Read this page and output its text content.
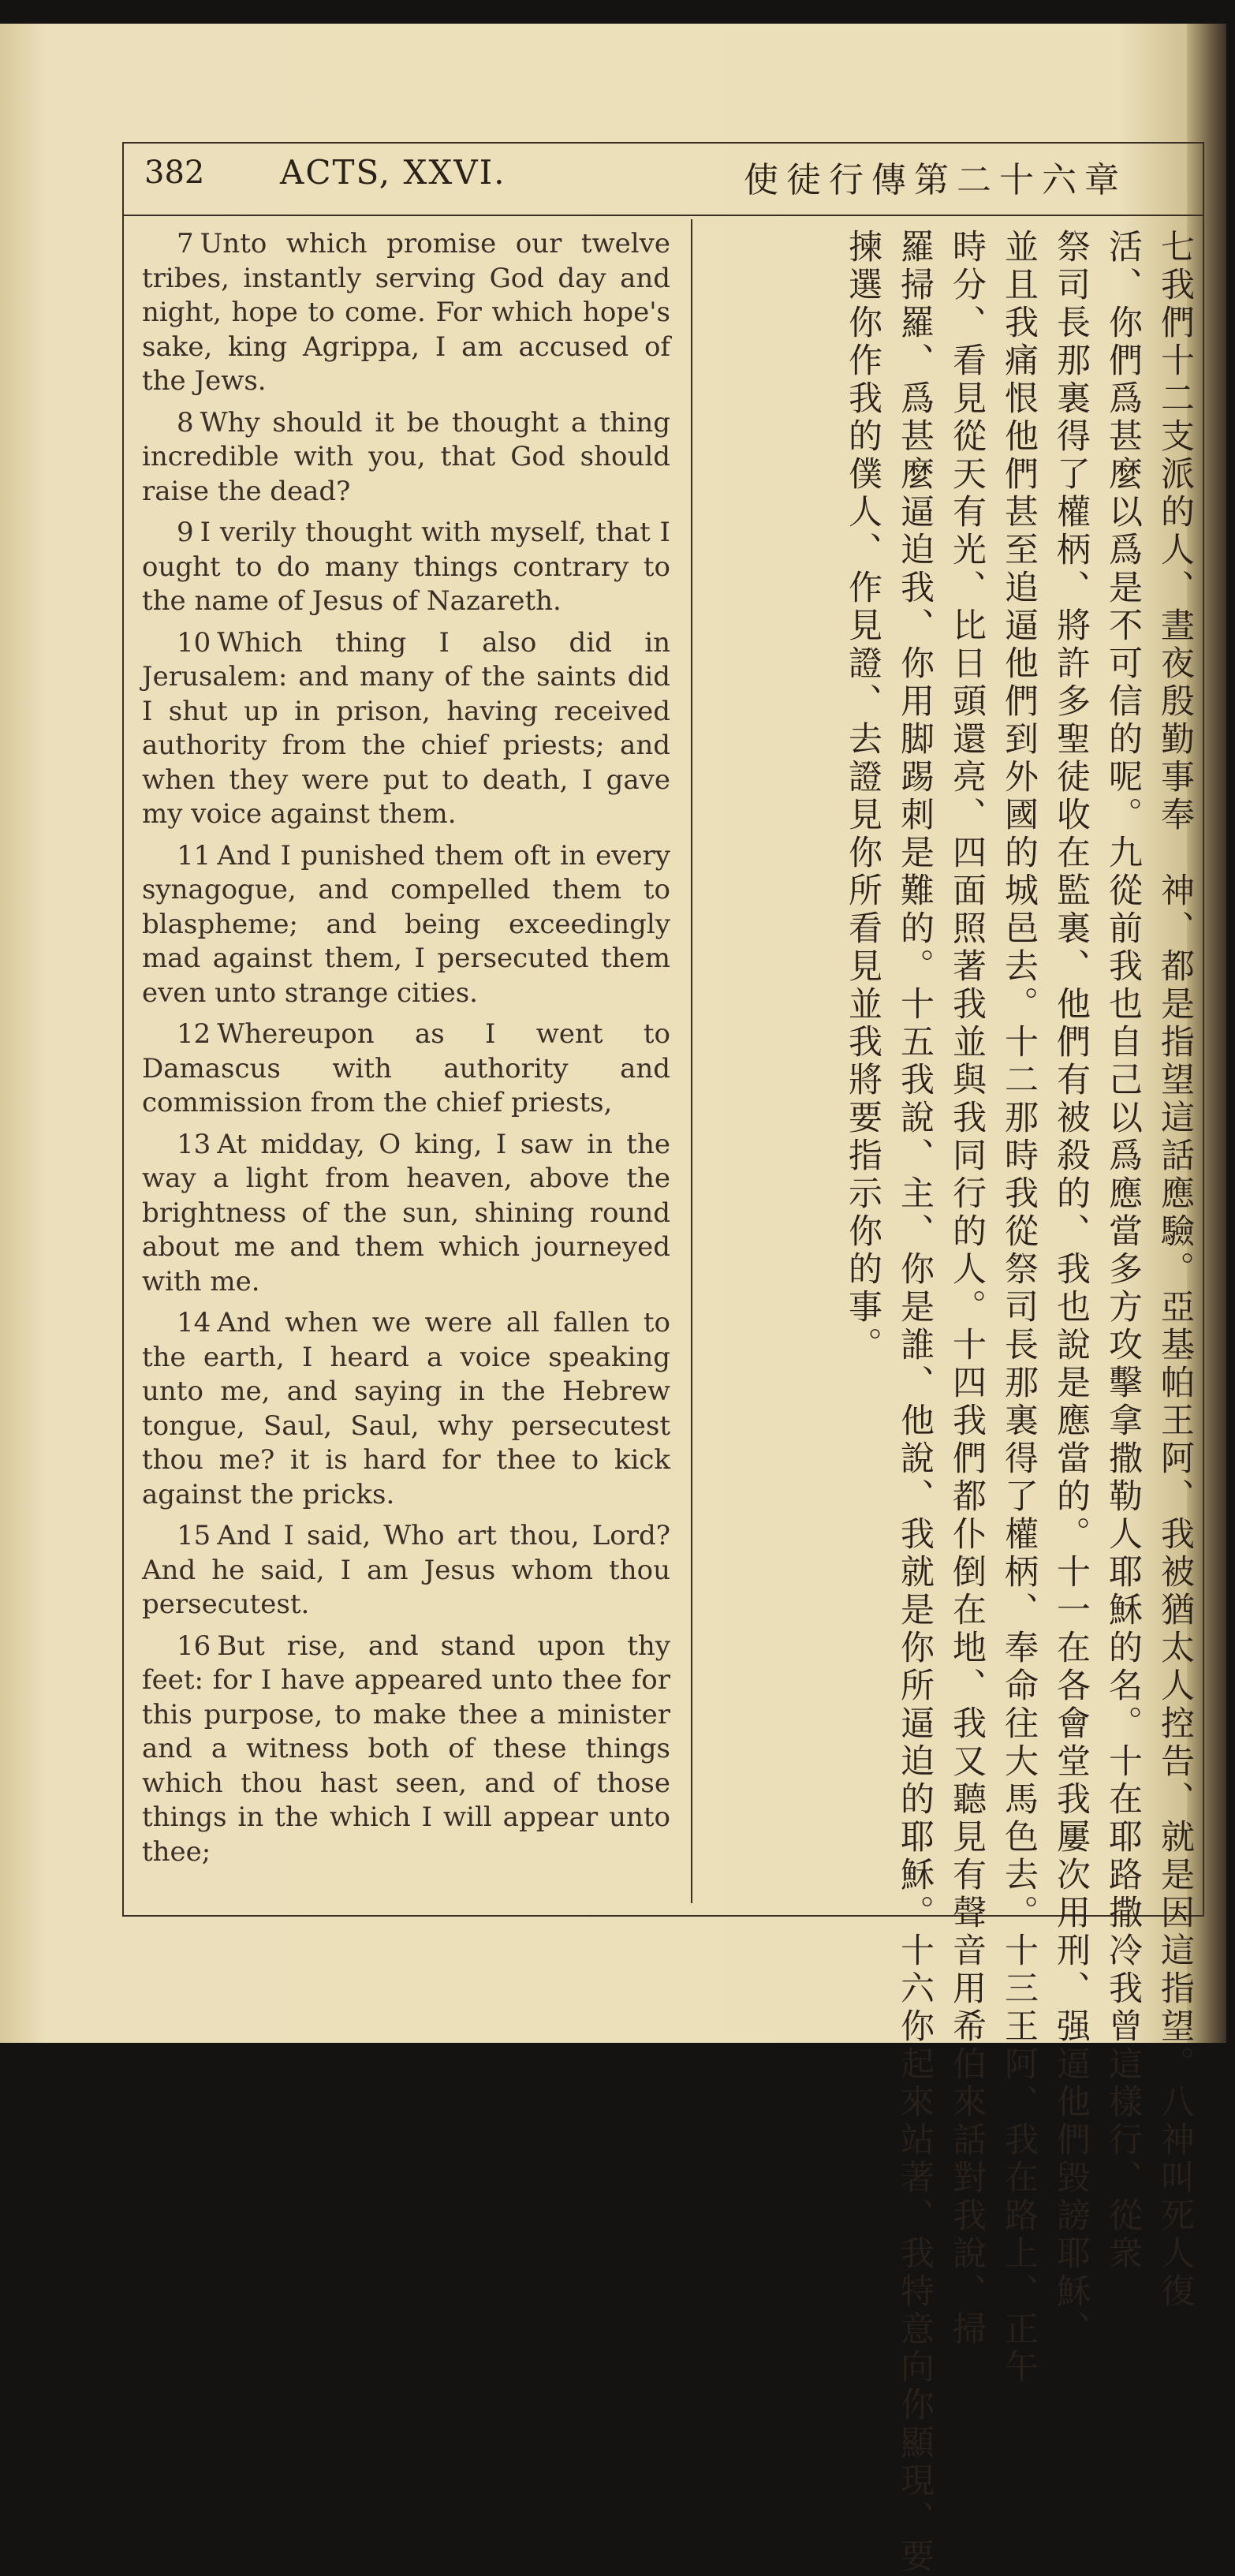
382 ACTS, XXVI.	使徒行傳第二十六章

7 Unto which promise our twelve tribes, instantly serving God day and night, hope to come. For which hope's sake, king Agrippa, I am accused of the Jews.

8 Why should it be thought a thing incredible with you, that God should raise the dead?

9 I verily thought with myself, that I ought to do many things contrary to the name of Jesus of Nazareth.

10 Which thing I also did in Jerusalem: and many of the saints did I shut up in prison, having received authority from the chief priests; and when they were put to death, I gave my voice against them.

11 And I punished them oft in every synagogue, and compelled them to blaspheme; and being exceedingly mad against them, I persecuted them even unto strange cities.

12 Whereupon as I went to Damascus with authority and commission from the chief priests,

13 At midday, O king, I saw in the way a light from heaven, above the brightness of the sun, shining round about me and them which journeyed with me.

14 And when we were all fallen to the earth, I heard a voice speaking unto me, and saying in the Hebrew tongue, Saul, Saul, why persecutest thou me? it is hard for thee to kick against the pricks.

15 And I said, Who art thou, Lord? And he said, I am Jesus whom thou persecutest.

16 But rise, and stand upon thy feet: for I have appeared unto thee for this purpose, to make thee a minister and a witness both of these things which thou hast seen, and of those things in the which I will appear unto thee;	七我們十二支派的人、晝夜殷勤事奉　神、都是指望這話應驗。亞基帕王阿、我被猶太人控告、就是因這指望。八神叫死人復
活、你們爲甚麼以爲是不可信的呢。九從前我也自己以爲應當多方攻擊拿撒勒人耶穌的名。十在耶路撒冷我曾這樣行、從衆
祭司長那裏得了權柄、將許多聖徒收在監裏、他們有被殺的、我也說是應當的。十一在各會堂我屢次用刑、强逼他們毀謗耶穌、
並且我痛恨他們甚至追逼他們到外國的城邑去。十二那時我從祭司長那裏得了權柄、奉命往大馬色去。十三王阿、我在路上、正午
時分、看見從天有光、比日頭還亮、四面照著我並與我同行的人。十四我們都仆倒在地、我又聽見有聲音用希伯來話對我說、掃
羅掃羅、爲甚麼逼迫我、你用脚踢刺是難的。十五我說、主、你是誰、他說、我就是你所逼迫的耶穌。十六你起來站著、我特意向你顯現、要
揀選你作我的僕人、作見證、去證見你所看見並我將要指示你的事。
